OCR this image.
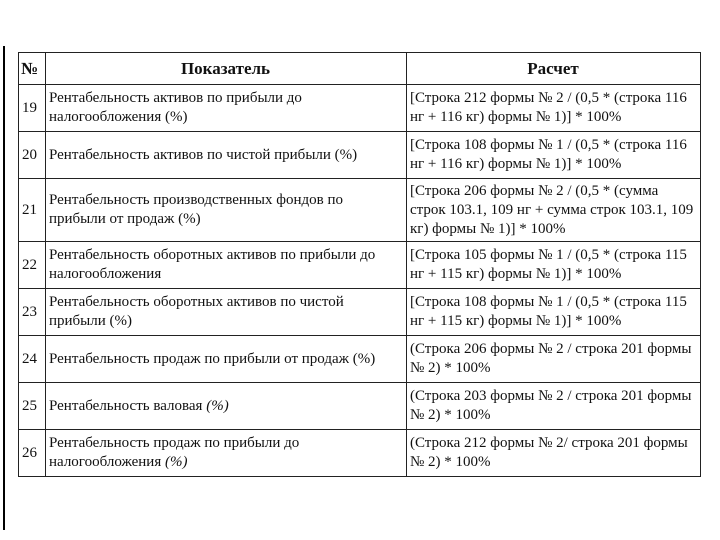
№	Показатель	Расчет
19	Рентабельность активов по прибыли до налогообложения (%)	[Строка 212 формы № 2 / (0,5 * (строка 116 нг + 116 кг) формы № 1)] * 100%
20	Рентабельность активов по чистой прибыли (%)	[Строка 108 формы № 1 / (0,5 * (строка 116 нг + 116 кг) формы № 1)] * 100%
21	Рентабельность производственных фондов по прибыли от продаж (%)	[Строка 206 формы № 2 / (0,5 * (сумма строк 103.1, 109 нг + сумма строк 103.1, 109 кг) формы № 1)] * 100%
22	Рентабельность оборотных активов по прибыли до налогообложения	[Строка 105 формы № 1 / (0,5 * (строка 115 нг + 115 кг) формы № 1)] * 100%
23	Рентабельность оборотных активов по чистой прибыли (%)	[Строка 108 формы № 1 / (0,5 * (строка 115 нг + 115 кг) формы № 1)] * 100%
24	Рентабельность продаж по прибыли от продаж (%)	(Строка 206 формы № 2 / строка 201 формы № 2) * 100%
25	Рентабельность валовая (%)	(Строка 203 формы № 2 / строка 201 формы № 2) * 100%
26	Рентабельность продаж по прибыли до налогообложения (%)	(Строка 212 формы № 2/ строка 201 формы № 2) * 100%
